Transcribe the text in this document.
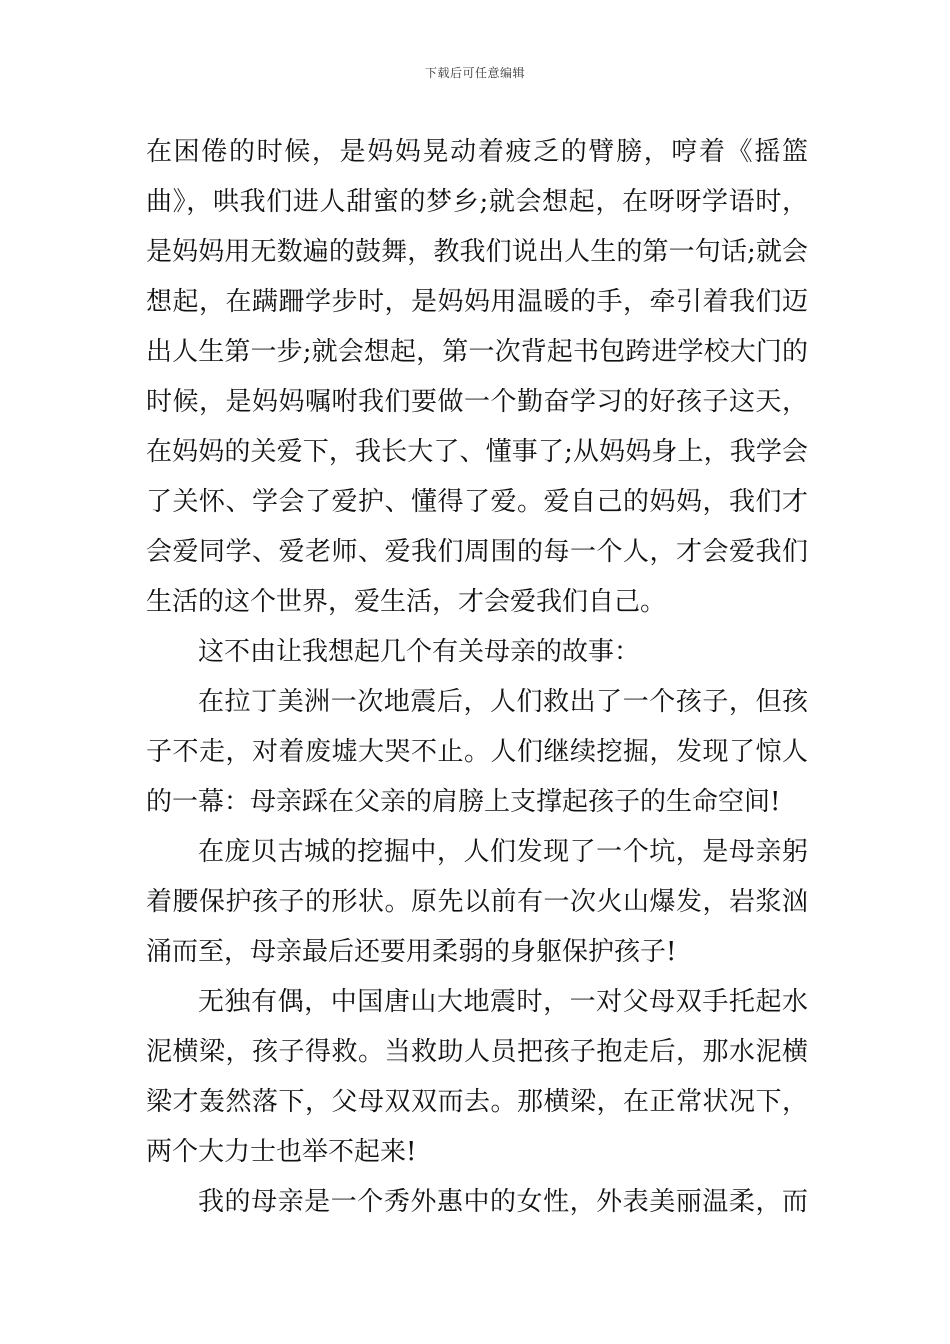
下载后可任意编辑
在困倦的时候，是妈妈晃动着疲乏的臂膀，哼着《摇篮
曲》，哄我们进人甜蜜的梦乡;就会想起，在呀呀学语时，
是妈妈用无数遍的鼓舞，教我们说出人生的第一句话;就会
想起，在蹒跚学步时，是妈妈用温暖的手，牵引着我们迈
出人生第一步;就会想起，第一次背起书包跨进学校大门的
时候，是妈妈嘱咐我们要做一个勤奋学习的好孩子这天，
在妈妈的关爱下，我长大了、懂事了;从妈妈身上，我学会
了关怀、学会了爱护、懂得了爱。爱自己的妈妈，我们才
会爱同学、爱老师、爱我们周围的每一个人，才会爱我们
生活的这个世界，爱生活，才会爱我们自己。
这不由让我想起几个有关母亲的故事：
在拉丁美洲一次地震后，人们救出了一个孩子，但孩
子不走，对着废墟大哭不止。人们继续挖掘，发现了惊人
的一幕：母亲踩在父亲的肩膀上支撑起孩子的生命空间!
在庞贝古城的挖掘中，人们发现了一个坑，是母亲躬
着腰保护孩子的形状。原先以前有一次火山爆发，岩浆汹
涌而至，母亲最后还要用柔弱的身躯保护孩子!
无独有偶，中国唐山大地震时，一对父母双手托起水
泥横梁，孩子得救。当救助人员把孩子抱走后，那水泥横
梁才轰然落下，父母双双而去。那横梁，在正常状况下，
两个大力士也举不起来!
我的母亲是一个秀外惠中的女性，外表美丽温柔，而
